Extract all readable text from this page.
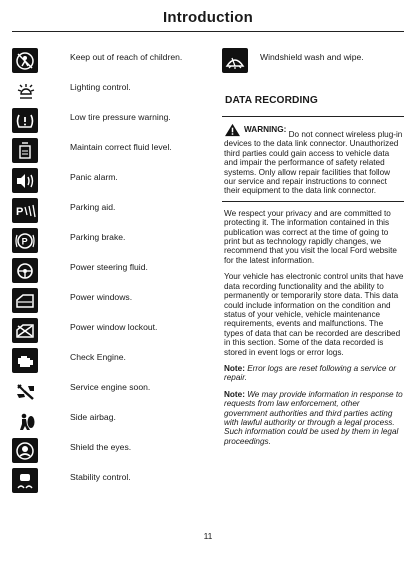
Introduction
Keep out of reach of children.
Lighting control.
Low tire pressure warning.
Maintain correct fluid level.
Panic alarm.
P	Parking aid.
P	Parking brake.
Power steering fluid.
Power windows.
Power window lockout.
Check Engine.
Service engine soon.
Side airbag.
Shield the eyes.
Stability control.
Windshield wash and wipe.
DATA RECORDING
WARNING:
Do not connect wireless plug-in devices to the data link connector. Unauthorized third parties could gain access to vehicle data and impair the performance of safety related systems. Only allow repair facilities that follow our service and repair instructions to connect their equipment to the data link connector.

We respect your privacy and are committed to protecting it. The information contained in this publication was correct at the time of going to print but as technology rapidly changes, we recommend that you visit the local Ford website for the latest information.

Your vehicle has electronic control units that have data recording functionality and the ability to permanently or temporarily store data. This data could include information on the condition and status of your vehicle, vehicle maintenance requirements, events and malfunctions. The types of data that can be recorded are described in this section. Some of the data recorded is stored in event logs or error logs.

Note: Error logs are reset following a service or repair.

Note: We may provide information in response to requests from law enforcement, other government authorities and third parties acting with lawful authority or through a legal process. Such information could be used by them in legal proceedings.

11
